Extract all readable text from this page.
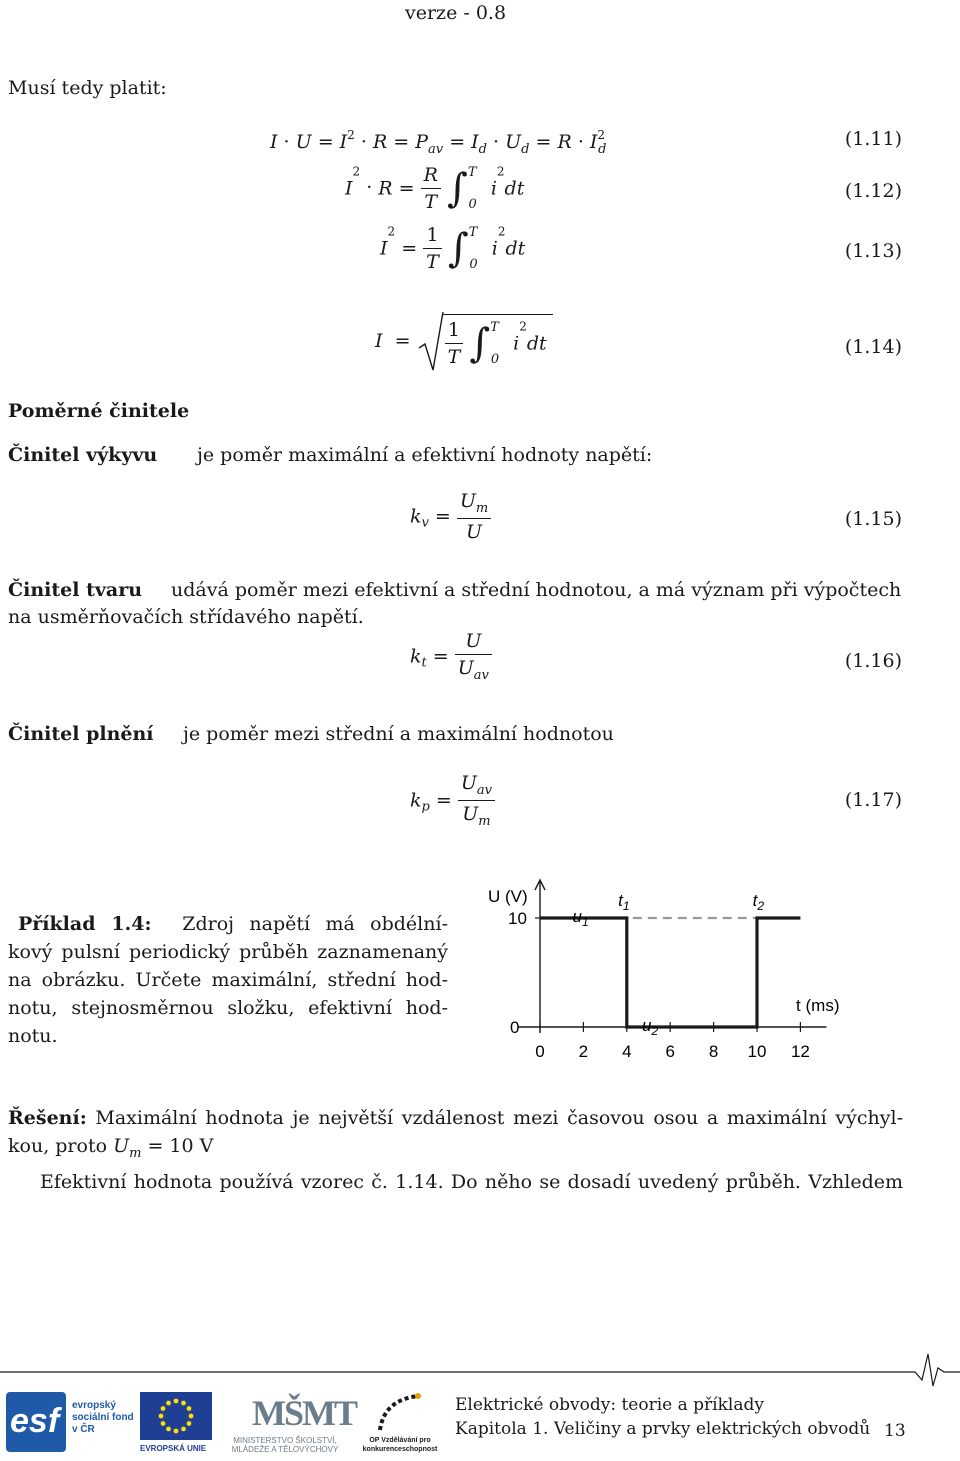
verze - 0.8
Musí tedy platit:
$I \cdot U = I^2 \cdot R = P_{av} = I_d \cdot U_d = R \cdot I^2_d$	(1.11)
$I^2 \cdot R = \frac{R}{T} \int^T_0$ $i^2dt$	(1.12)
$I^2 = \frac{1}{T} \int^T_0$ $i^2dt$	(1.13)
$I = \frac{1}{T} \int^T_0$ $i^2dt$	(1.14)
Poměrné činitele
Činitel výkyvu je poměr maximální a efektivní hodnoty napětí:
$k_v = \frac{U_m}{U}$	(1.15)
Činitel tvaru udává poměr mezi efektivní a střední hodnotou, a má význam při výpočtech
na usměrňovačích střídavého napětí.
$k_t = \frac{U}{U_{av}}$	(1.16)
Činitel plnění je poměr mezi střední a maximální hodnotou
$k_p = \frac{U_{av}}{U_m}$	(1.17)
Příklad 1.4: Zdroj napětí má obdélní-
kový pulsní periodický průběh zaznamenaný
na obrázku. Určete maximální, střední hod-
notu, stejnosměrnou složku, efektivní hod-
notu.
0 2 4 6 8 10 12
0
10
U (V)
t (ms)
$u_1$
$u_2$
$t_1$	$t_2$
Řešení: Maximální hodnota je největší vzdálenost mezi časovou osou a maximální výchyl-
kou, proto $U_m = 10$ V
Efektivní hodnota používá vzorec č. 1.14. Do něho se dosadí uvedený průběh. Vzhledem
esf evropský sociální fond v ČR
EVROPSKÁ UNIE
MŠMT
MINISTERSTVO ŠKOLSTVÍ, MLÁDEŽE A TĚLOVÝCHOVY
OP Vzdělávání pro konkurenceschopnost
Elektrické obvody: teorie a příklady
Kapitola 1. Veličiny a prvky elektrických obvodů 13
